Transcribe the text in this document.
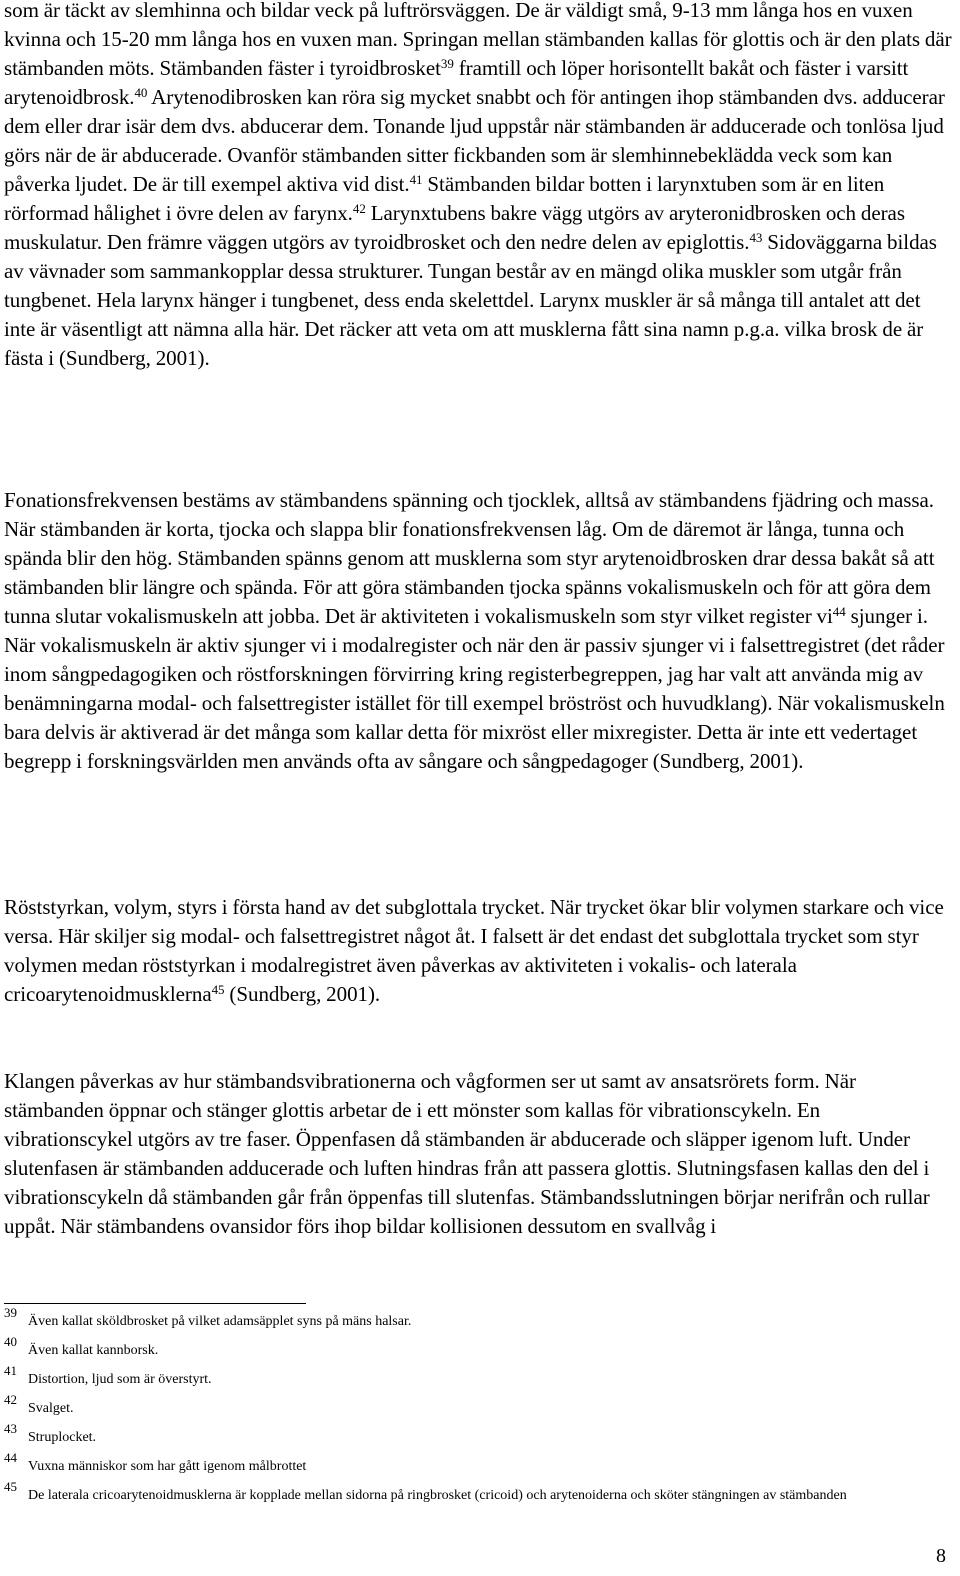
som är täckt av slemhinna och bildar veck på luftrörsväggen. De är väldigt små, 9-13 mm långa hos en vuxen kvinna och 15-20 mm långa hos en vuxen man. Springan mellan stämbanden kallas för glottis och är den plats där stämbanden möts. Stämbanden fäster i tyroidbrosket$^{39}$ framtill och löper horisontellt bakåt och fäster i varsitt arytenoidbrosk.$^{40}$ Arytenodibrosken kan röra sig mycket snabbt och för antingen ihop stämbanden dvs. adducerar dem eller drar isär dem dvs. abducerar dem. Tonande ljud uppstår när stämbanden är adducerade och tonlösa ljud görs när de är abducerade. Ovanför stämbanden sitter fickbanden som är slemhinnebeklädda veck som kan påverka ljudet. De är till exempel aktiva vid dist.$^{41}$ Stämbanden bildar botten i larynxtuben som är en liten rörformad hålighet i övre delen av farynx.$^{42}$ Larynxtubens bakre vägg utgörs av aryteronidbrosken och deras muskulatur. Den främre väggen utgörs av tyroidbrosket och den nedre delen av epiglottis.$^{43}$ Sidoväggarna bildas av vävnader som sammankopplar dessa strukturer. Tungan består av en mängd olika muskler som utgår från tungbenet. Hela larynx hänger i tungbenet, dess enda skelettdel. Larynx muskler är så många till antalet att det inte är väsentligt att nämna alla här. Det räcker att veta om att musklerna fått sina namn p.g.a. vilka brosk de är fästa i (Sundberg, 2001).

Fonationsfrekvensen bestäms av stämbandens spänning och tjocklek, alltså av stämbandens fjädring och massa. När stämbanden är korta, tjocka och slappa blir fonationsfrekvensen låg. Om de däremot är långa, tunna och spända blir den hög. Stämbanden spänns genom att musklerna som styr arytenoidbrosken drar dessa bakåt så att stämbanden blir längre och spända. För att göra stämbanden tjocka spänns vokalismuskeln och för att göra dem tunna slutar vokalismuskeln att jobba. Det är aktiviteten i vokalismuskeln som styr vilket register $vi^{44}$ sjunger i. När vokalismuskeln är aktiv sjunger vi i modalregister och när den är passiv sjunger vi i falsettregistret (det råder inom sångpedagogiken och röstforskningen förvirring kring registerbegreppen, jag har valt att använda mig av benämningarna modal- och falsettregister istället för till exempel bröströst och huvudklang). När vokalismuskeln bara delvis är aktiverad är det många som kallar detta för mixröst eller mixregister. Detta är inte ett vedertaget begrepp i forskningsvärlden men används ofta av sångare och sångpedagoger (Sundberg, 2001).

Röststyrkan, volym, styrs i första hand av det subglottala trycket. När trycket ökar blir volymen starkare och vice versa. Här skiljer sig modal- och falsettregistret något åt. I falsett är det endast det subglottala trycket som styr volymen medan röststyrkan i modalregistret även påverkas av aktiviteten i vokalis- och laterala cricoarytenoidmusklerna$^{45}$ (Sundberg, 2001).

Klangen påverkas av hur stämbandsvibrationerna och vågformen ser ut samt av ansatsrörets form. När stämbanden öppnar och stänger glottis arbetar de i ett mönster som kallas för vibrationscykeln. En vibrationscykel utgörs av tre faser. Öppenfasen då stämbanden är abducerade och släpper igenom luft. Under slutenfasen är stämbanden adducerade och luften hindras från att passera glottis. Slutningsfasen kallas den del i vibrationscykeln då stämbanden går från öppenfas till slutenfas. Stämbandsslutningen börjar nerifrån och rullar uppåt. När stämbandens ovansidor förs ihop bildar kollisionen dessutom en svallvåg i

39
Även kallat sköldbrosket på vilket adamsäpplet syns på mäns halsar.
40
Även kallat kannborsk.
41
Distortion, ljud som är överstyrt.
42
Svalget.
43
Struplocket.
44
Vuxna människor som har gått igenom målbrottet
45
De laterala cricoarytenoidmusklerna är kopplade mellan sidorna på ringbrosket (cricoid) och arytenoiderna och sköter stängningen av stämbanden
8
